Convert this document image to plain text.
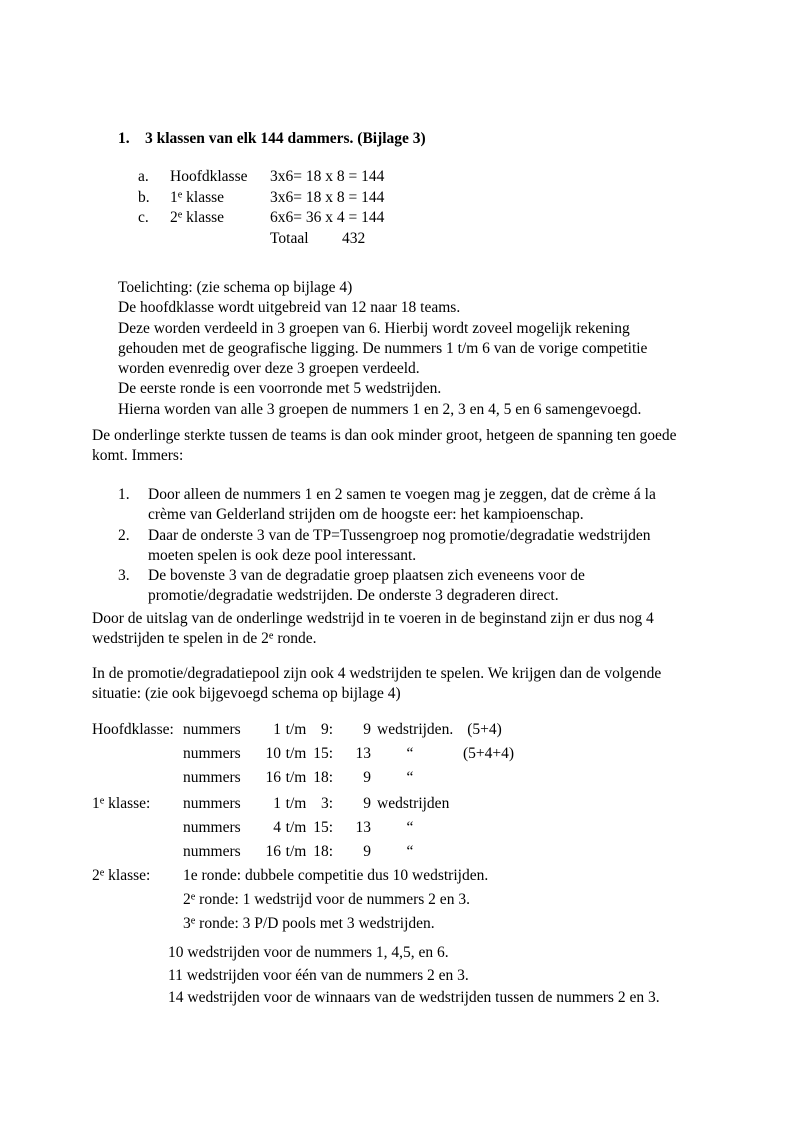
1. 3 klassen van elk 144 dammers. (Bijlage 3)
a. Hoofdklasse 3x6= 18 x 8 = 144
b. 1e klasse	3x6= 18 x 8 = 144
c. 2e klasse	6x6= 36 x 4 = 144
Totaal 432
Toelichting: (zie schema op bijlage 4)
De hoofdklasse wordt uitgebreid van 12 naar 18 teams.
Deze worden verdeeld in 3 groepen van 6. Hierbij wordt zoveel mogelijk rekening
gehouden met de geografische ligging. De nummers 1 t/m 6 van de vorige competitie
worden evenredig over deze 3 groepen verdeeld.
De eerste ronde is een voorronde met 5 wedstrijden.
Hierna worden van alle 3 groepen de nummers 1 en 2, 3 en 4, 5 en 6 samengevoegd.
De onderlinge sterkte tussen de teams is dan ook minder groot, hetgeen de spanning ten goede
komt. Immers:
1. Door alleen de nummers 1 en 2 samen te voegen mag je zeggen, dat de crème á la
crème van Gelderland strijden om de hoogste eer: het kampioenschap.
2. Daar de onderste 3 van de TP=Tussengroep nog promotie/degradatie wedstrijden
moeten spelen is ook deze pool interessant.
3. De bovenste 3 van de degradatie groep plaatsen zich eveneens voor de
promotie/degradatie wedstrijden. De onderste 3 degraderen direct.
Door de uitslag van de onderlinge wedstrijd in te voeren in de beginstand zijn er dus nog 4
wedstrijden te spelen in de 2e ronde.
In de promotie/degradatiepool zijn ook 4 wedstrijden te spelen. We krijgen dan de volgende
situatie: (zie ook bijgevoegd schema op bijlage 4)
Hoofdklasse: nummers 1 t/m 9: 9 wedstrijden. (5+4)
nummers 10 t/m 15: 13 “	(5+4+4)
nummers 16 t/m 18: 9 “
1e klasse: nummers 1 t/m 3: 9 wedstrijden
nummers 4 t/m 15: 13 “
nummers 16 t/m 18: 9 “
2e klasse: 1e ronde: dubbele competitie dus 10 wedstrijden.
2e ronde: 1 wedstrijd voor de nummers 2 en 3.
3e ronde: 3 P/D pools met 3 wedstrijden.
10 wedstrijden voor de nummers 1, 4,5, en 6.
11 wedstrijden voor één van de nummers 2 en 3.
14 wedstrijden voor de winnaars van de wedstrijden tussen de nummers 2 en 3.
